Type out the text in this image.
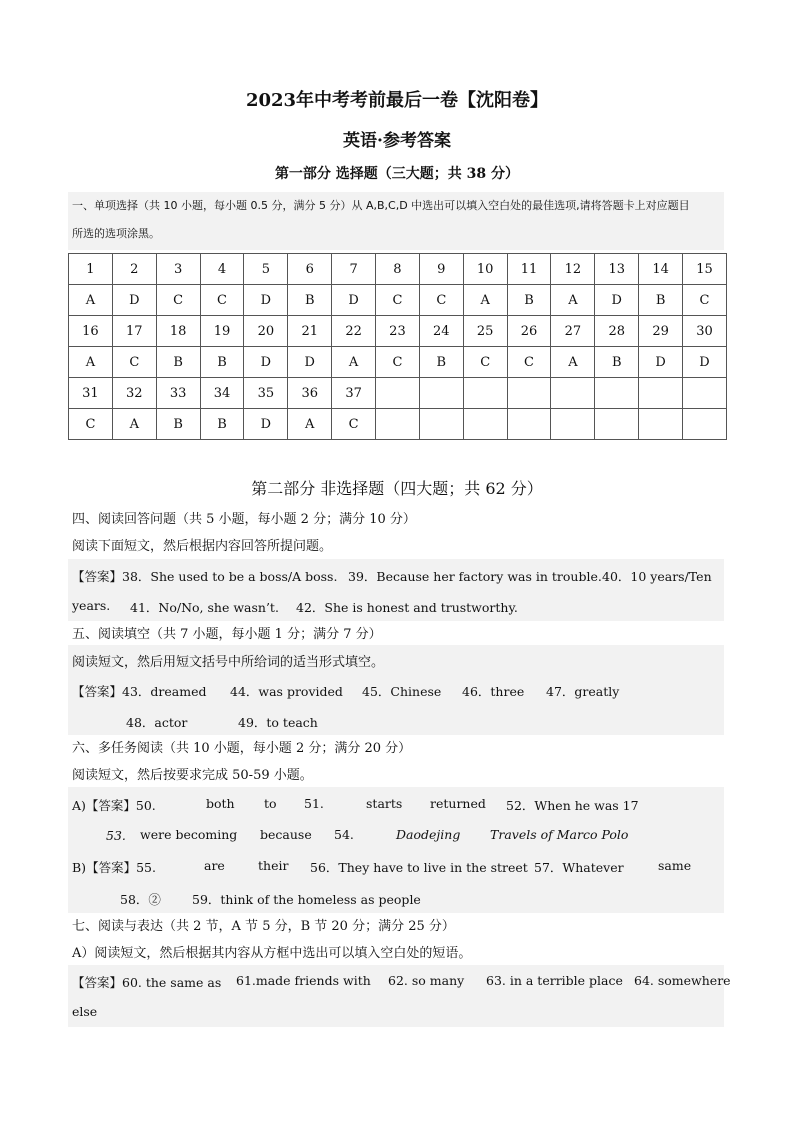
2023年中考考前最后一卷【沈阳卷】
英语·参考答案
第一部分 选择题（三大题；共 38 分）
一、单项选择（共 10 小题，每小题 0.5 分，满分 5 分）从 A,B,C,D 中选出可以填入空白处的最佳选项,请将答题卡上对应题目
所选的选项涂黑。
1	2	3	4	5	6	7	8	9	10	11	12	13	14	15
A	D	C	C	D	B	D	C	C	A	B	A	D	B	C
16	17	18	19	20	21	22	23	24	25	26	27	28	29	30
A	C	B	B	D	D	A	C	B	C	C	A	B	D	D
31	32	33	34	35	36	37								
C	A	B	B	D	A	C								
第二部分 非选择题（四大题；共 62 分）
四、阅读回答问题（共 5 小题，每小题 2 分；满分 10 分）
阅读下面短文，然后根据内容回答所提问题。
【答案】38．She used to be a boss/A boss. 39．Because her factory was in trouble. 40．10 years/Ten
years. 41．No/No, she wasn’t. 42．She is honest and trustworthy.
五、阅读填空（共 7 小题，每小题 1 分；满分 7 分）
阅读短文，然后用短文括号中所给词的适当形式填空。
【答案】43．dreamed 44．was provided 45．Chinese 46．three 47．greatly
48．actor	49．to teach
六、多任务阅读（共 10 小题，每小题 2 分；满分 20 分）
阅读短文，然后按要求完成 50-59 小题。
A)【答案】50.	both to 51.	starts returned 52．When he was 17
53. were becoming because 54.	Daodejing Travels of Marco Polo
B)【答案】55.	are	their 56．They have to live in the street 57．Whatever	same
58．② 59．think of the homeless as people
七、阅读与表达（共 2 节，A 节 5 分，B 节 20 分；满分 25 分）
A）阅读短文，然后根据其内容从方框中选出可以填入空白处的短语。
【答案】60. the same as 61.made friends with 62. so many 63. in a terrible place 64. somewhere
else
